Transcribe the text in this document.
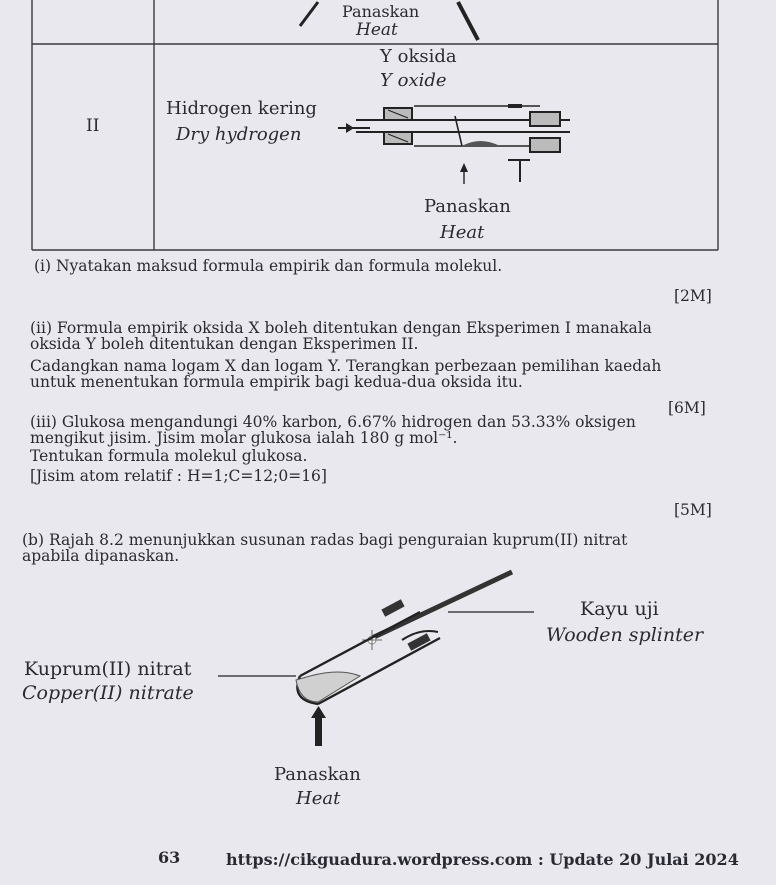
Panaskan
Heat
II
Hidrogen kering
Dry hydrogen
Y oksida
Y oxide
Panaskan
Heat
(i) Nyatakan maksud formula empirik dan formula molekul.
[2M]
(ii) Formula empirik oksida X boleh ditentukan dengan Eksperimen I manakala
oksida Y boleh ditentukan dengan Eksperimen II.
Cadangkan nama logam X dan logam Y. Terangkan perbezaan pemilihan kaedah
untuk menentukan formula empirik bagi kedua-dua oksida itu.
[6M]
(iii) Glukosa mengandungi 40% karbon, 6.67% hidrogen dan 53.33% oksigen
mengikut jisim. Jisim molar glukosa ialah 180 g mol⁻¹.
Tentukan formula molekul glukosa.
[Jisim atom relatif : H=1;C=12;0=16]
[5M]
(b) Rajah 8.2 menunjukkan susunan radas bagi penguraian kuprum(II) nitrat
apabila dipanaskan.
Kayu uji
Wooden splinter
Kuprum(II) nitrat
Copper(II) nitrate
Panaskan
Heat
63	https://cikguadura.wordpress.com : Update 20 Julai 2024
